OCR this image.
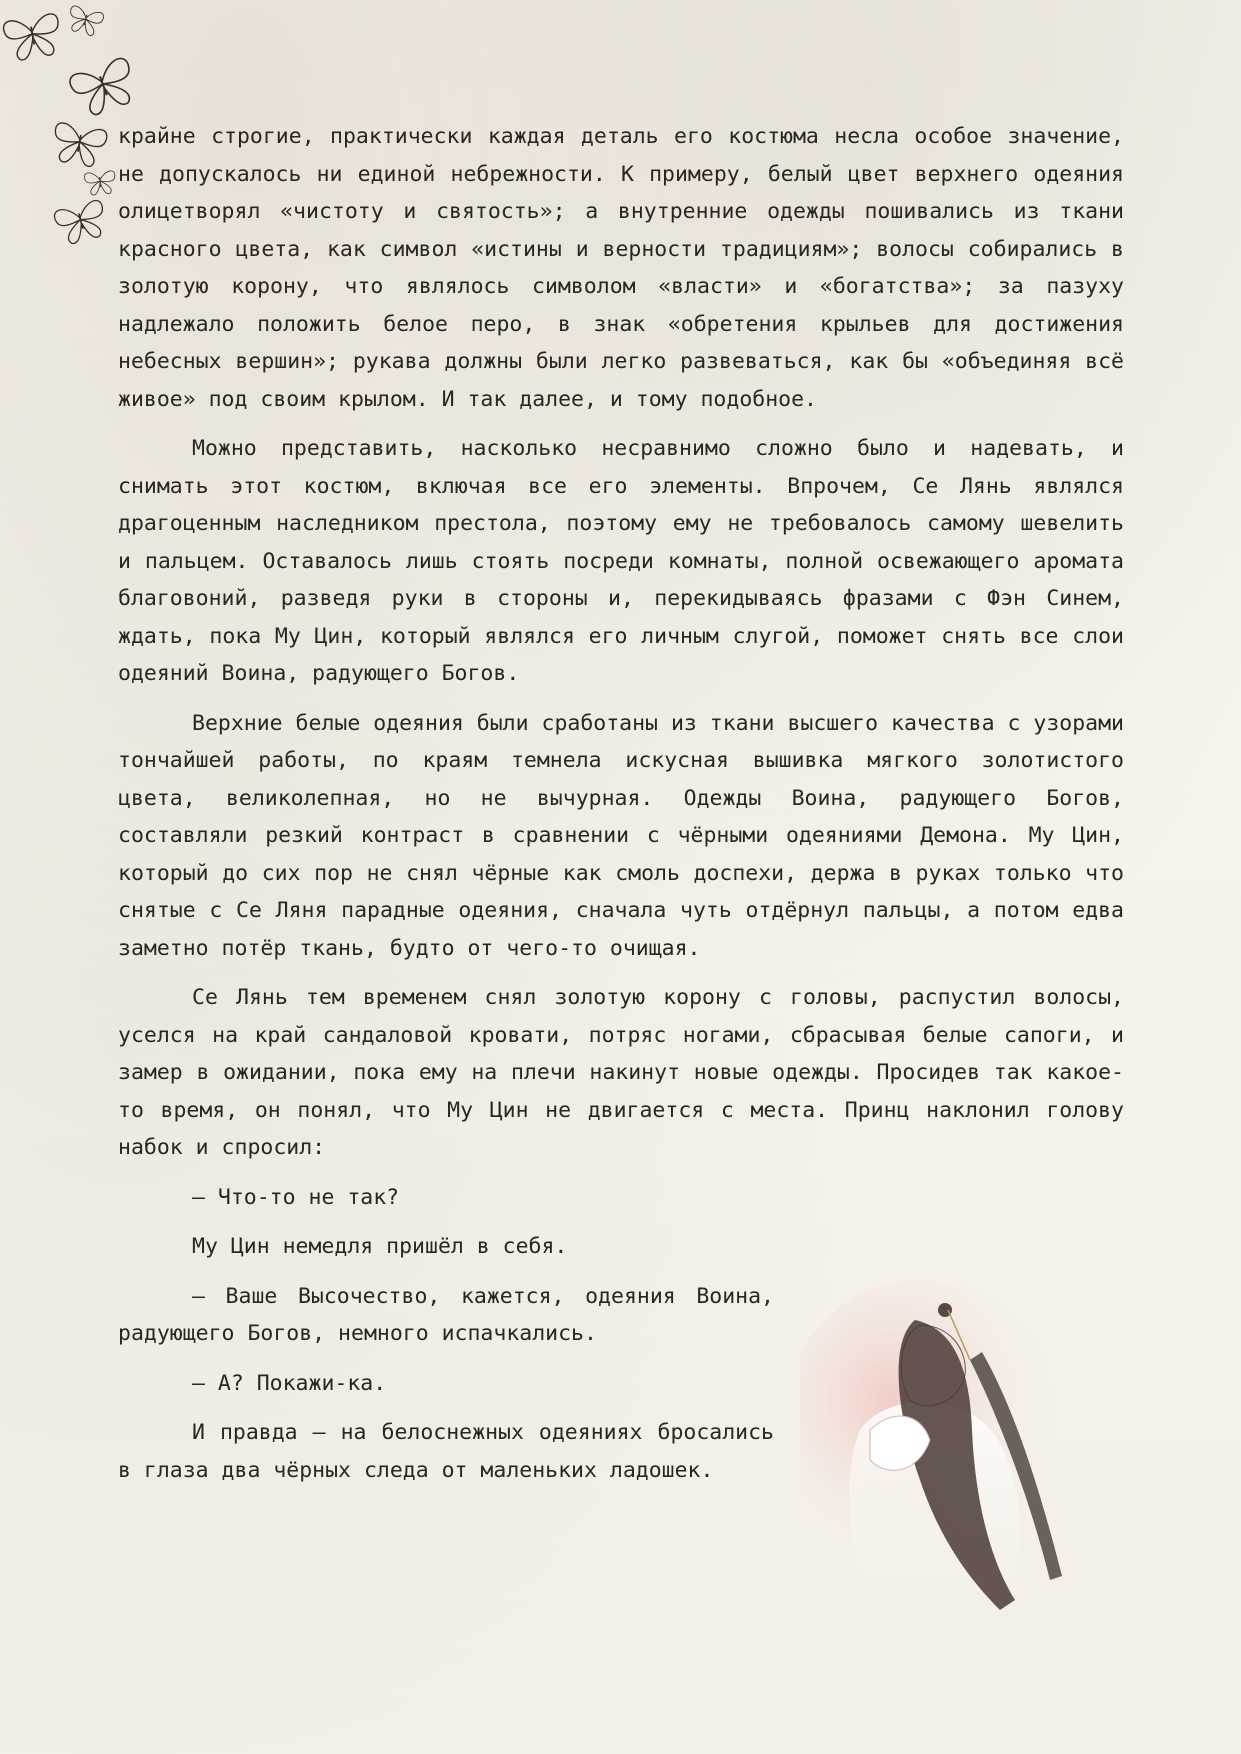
крайне строгие, практически каждая деталь его костюма несла особое значение, не допускалось ни единой небрежности. К примеру, белый цвет верхнего одеяния олицетворял «чистоту и святость»; а внутренние одежды пошивались из ткани красного цвета, как символ «истины и верности традициям»; волосы собирались в золотую корону, что являлось символом «власти» и «богатства»; за пазуху надлежало положить белое перо, в знак «обретения крыльев для достижения небесных вершин»; рукава должны были легко развеваться, как бы «объединяя всё живое» под своим крылом. И так далее, и тому подобное.

Можно представить, насколько несравнимо сложно было и надевать, и снимать этот костюм, включая все его элементы. Впрочем, Се Лянь являлся драгоценным наследником престола, поэтому ему не требовалось самому шевелить и пальцем. Оставалось лишь стоять посреди комнаты, полной освежающего аромата благовоний, разведя руки в стороны и, перекидываясь фразами с Фэн Синем, ждать, пока Му Цин, который являлся его личным слугой, поможет снять все слои одеяний Воина, радующего Богов.

Верхние белые одеяния были сработаны из ткани высшего качества с узорами тончайшей работы, по краям темнела искусная вышивка мягкого золотистого цвета, великолепная, но не вычурная. Одежды Воина, радующего Богов, составляли резкий контраст в сравнении с чёрными одеяниями Демона. Му Цин, который до сих пор не снял чёрные как смоль доспехи, держа в руках только что снятые с Се Ляня парадные одеяния, сначала чуть отдёрнул пальцы, а потом едва заметно потёр ткань, будто от чего-то очищая.

Се Лянь тем временем снял золотую корону с головы, распустил волосы, уселся на край сандаловой кровати, потряс ногами, сбрасывая белые сапоги, и замер в ожидании, пока ему на плечи накинут новые одежды. Просидев так какое-то время, он понял, что Му Цин не двигается с места. Принц наклонил голову набок и спросил:

— Что-то не так?

Му Цин немедля пришёл в себя.

— Ваше Высочество, кажется, одеяния Воина, радующего Богов, немного испачкались.

— А? Покажи-ка.

И правда — на белоснежных одеяниях бросались в глаза два чёрных следа от маленьких ладошек.
